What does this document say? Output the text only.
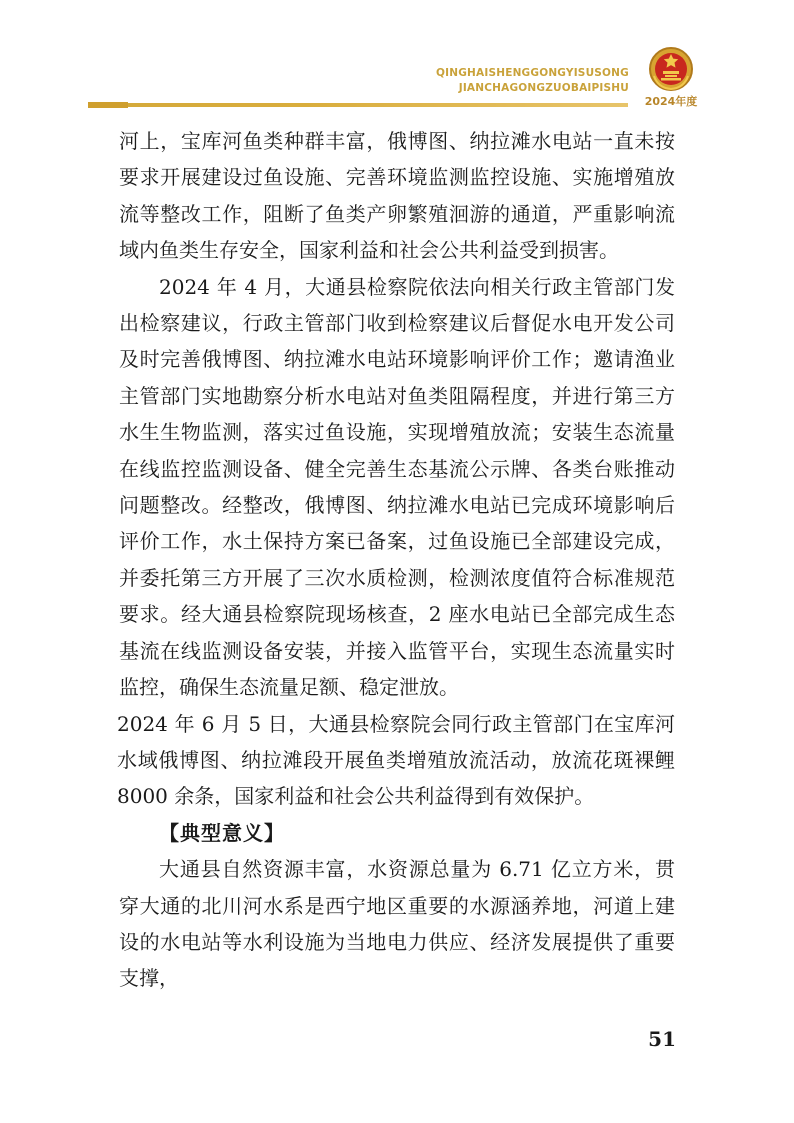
QINGHAISHENGGONGYISUSONG
JIANCHAGONGZUOBAIPISHU
2024年度

河上，宝库河鱼类种群丰富，俄博图、纳拉滩水电站一直未按要求开展建设过鱼设施、完善环境监测监控设施、实施增殖放流等整改工作，阻断了鱼类产卵繁殖洄游的通道，严重影响流域内鱼类生存安全，国家利益和社会公共利益受到损害。

2024 年 4 月，大通县检察院依法向相关行政主管部门发出检察建议，行政主管部门收到检察建议后督促水电开发公司及时完善俄博图、纳拉滩水电站环境影响评价工作；邀请渔业主管部门实地勘察分析水电站对鱼类阻隔程度，并进行第三方水生生物监测，落实过鱼设施，实现增殖放流；安装生态流量在线监控监测设备、健全完善生态基流公示牌、各类台账推动问题整改。经整改，俄博图、纳拉滩水电站已完成环境影响后评价工作，水土保持方案已备案，过鱼设施已全部建设完成，并委托第三方开展了三次水质检测，检测浓度值符合标准规范要求。经大通县检察院现场核查，2 座水电站已全部完成生态基流在线监测设备安装，并接入监管平台，实现生态流量实时监控，确保生态流量足额、稳定泄放。

2024 年 6 月 5 日，大通县检察院会同行政主管部门在宝库河水域俄博图、纳拉滩段开展鱼类增殖放流活动，放流花斑裸鲤 8000 余条，国家利益和社会公共利益得到有效保护。

【典型意义】

大通县自然资源丰富，水资源总量为 6.71 亿立方米，贯穿大通的北川河水系是西宁地区重要的水源涵养地，河道上建设的水电站等水利设施为当地电力供应、经济发展提供了重要支撑，

51
